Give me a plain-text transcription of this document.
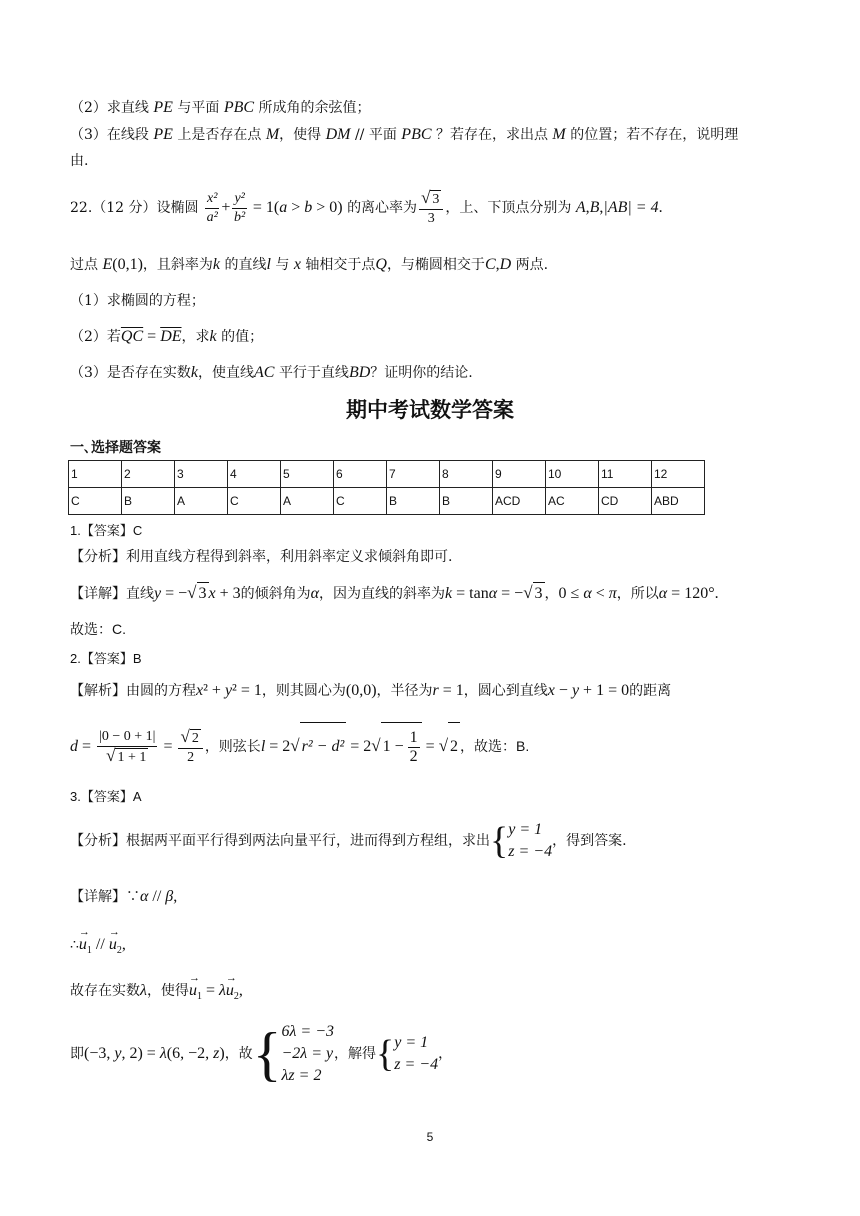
（2）求直线 PE 与平面 PBC 所成角的余弦值；
（3）在线段 PE 上是否存在点 M，使得 DM // 平面 PBC ？若存在，求出点 M 的位置；若不存在，说明理
由.
22.（12 分）设椭圆 $\frac{\text{x²}}{\text{a²}} + \frac{\text{y²}}{\text{b²}} = 1(a > b > 0)$ 的离心率为 $\frac{√ 3}{3}$ ，上、下顶点分别为 A,B,|AB| = 4.
过点 E(0,1)，且斜率为k 的直线l 与 x 轴相交于点Q，与椭圆相交于C,D 两点.
（1）求椭圆的方程；
（2）若$\overline{QC} = \overline{DE}$，求k 的值；
（3）是否存在实数k，使直线AC 平行于直线BD？证明你的结论.
期中考试数学答案
一､选择题答案
1	2	3	4	5	6	7	8	9	10	11	12
C	B	A	C	A	C	B	B	ACD	AC	CD	ABD
1.【答案】C
【分析】利用直线方程得到斜率，利用斜率定义求倾斜角即可.
【详解】直线y = −√ 3 x + 3的倾斜角为α，因为直线的斜率为k = tanα = −√ 3 ，0 ≤ α < π，所以α = 120°.
故选：C.
2.【答案】B
【解析】由圆的方程x² + y² = 1，则其圆心为(0,0)，半径为r = 1，圆心到直线x − y + 1 = 0的距离
$d = \frac{|0 - 0 + 1|}{√ 1 + 1} = \frac{√ 2}{2}$ ，则弦长l = 2√ r² − d² = 2√ $1 - \frac{1}{2}$ = √ 2 ，故选：B.
3.【答案】A
【分析】根据两平面平行得到两法向量平行，进而得到方程组，求出{ y = 1
z = −4
，得到答案.
【详解】∵α // β,
∴→ $u_1$ // → $u_2$,
故存在实数λ，使得→ $u_1 = \lambda\to u_2$,
即(−3, y, 2) = λ(6, −2, z)，故{ 6λ = −3
−2λ = y
λz = 2
，解得{ y = 1
z = −4
，
5
